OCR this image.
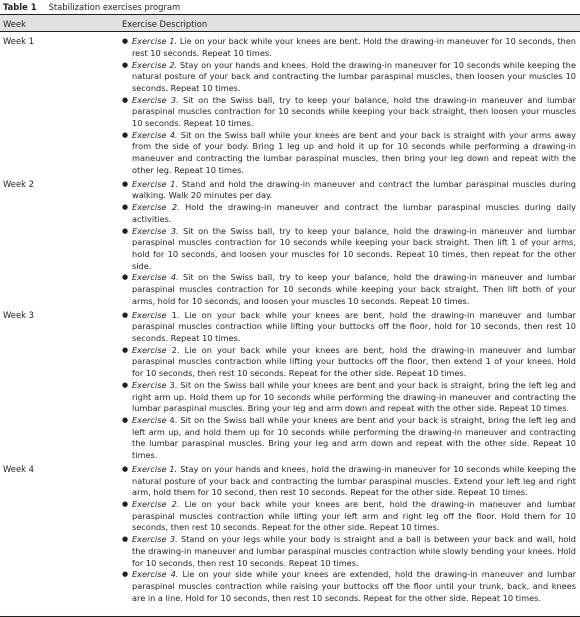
Table 1 Stabilization exercises program
Week	Exercise Description
Week 1	● Exercise 1. Lie on your back while your knees are bent. Hold the drawing-in maneuver for 10 seconds, then rest 10 seconds. Repeat 10 times.
● Exercise 2. Stay on your hands and knees. Hold the drawing-in maneuver for 10 seconds while keeping the natural posture of your back and contracting the lumbar paraspinal muscles, then loosen your muscles 10 seconds. Repeat 10 times.
● Exercise 3. Sit on the Swiss ball, try to keep your balance, hold the drawing-in maneuver and lumbar paraspinal muscles contraction for 10 seconds while keeping your back straight, then loosen your muscles 10 seconds. Repeat 10 times.
● Exercise 4. Sit on the Swiss ball while your knees are bent and your back is straight with your arms away from the side of your body. Bring 1 leg up and hold it up for 10 seconds while performing a drawing-in maneuver and contracting the lumbar paraspinal muscles, then bring your leg down and repeat with the other leg. Repeat 10 times.
Week 2	● Exercise 1. Stand and hold the drawing-in maneuver and contract the lumbar paraspinal muscles during walking. Walk 20 minutes per day.
● Exercise 2. Hold the drawing-in maneuver and contract the lumbar paraspinal muscles during daily activities.
● Exercise 3. Sit on the Swiss ball, try to keep your balance, hold the drawing-in maneuver and lumbar paraspinal muscles contraction for 10 seconds while keeping your back straight. Then lift 1 of your arms, hold for 10 seconds, and loosen your muscles for 10 seconds. Repeat 10 times, then repeat for the other side.
● Exercise 4. Sit on the Swiss ball, try to keep your balance, hold the drawing-in maneuver and lumbar paraspinal muscles contraction for 10 seconds while keeping your back straight. Then lift both of your arms, hold for 10 seconds, and loosen your muscles 10 seconds. Repeat 10 times.
Week 3	● Exercise 1. Lie on your back while your knees are bent, hold the drawing-in maneuver and lumbar paraspinal muscles contraction while lifting your buttocks off the floor, hold for 10 seconds, then rest 10 seconds. Repeat 10 times.
● Exercise 2. Lie on your back while your knees are bent, hold the drawing-in maneuver and lumbar paraspinal muscles contraction while lifting your buttocks off the floor, then extend 1 of your knees. Hold for 10 seconds, then rest 10 seconds. Repeat for the other side. Repeat 10 times.
● Exercise 3. Sit on the Swiss ball while your knees are bent and your back is straight, bring the left leg and right arm up. Hold them up for 10 seconds while performing the drawing-in maneuver and contracting the lumbar paraspinal muscles. Bring your leg and arm down and repeat with the other side. Repeat 10 times.
● Exercise 4. Sit on the Swiss ball while your knees are bent and your back is straight, bring the left leg and left arm up, and hold them up for 10 seconds while performing the drawing-in maneuver and contracting the lumbar paraspinal muscles. Bring your leg and arm down and repeat with the other side. Repeat 10 times.
Week 4	● Exercise 1. Stay on your hands and knees, hold the drawing-in maneuver for 10 seconds while keeping the natural posture of your back and contracting the lumbar paraspinal muscles. Extend your left leg and right arm, hold them for 10 second, then rest 10 seconds. Repeat for the other side. Repeat 10 times.
● Exercise 2. Lie on your back while your knees are bent, hold the drawing-in maneuver and lumbar paraspinal muscles contraction while lifting your left arm and right leg off the floor. Hold them for 10 seconds, then rest 10 seconds. Repeat for the other side. Repeat 10 times.
● Exercise 3. Stand on your legs while your body is straight and a ball is between your back and wall, hold the drawing-in maneuver and lumbar paraspinal muscles contraction while slowly bending your knees. Hold for 10 seconds, then rest 10 seconds. Repeat 10 times.
● Exercise 4. Lie on your side while your knees are extended, hold the drawing-in maneuver and lumbar paraspinal muscles contraction while raising your buttocks off the floor until your trunk, back, and knees are in a line. Hold for 10 seconds, then rest 10 seconds. Repeat for the other side. Repeat 10 times.
